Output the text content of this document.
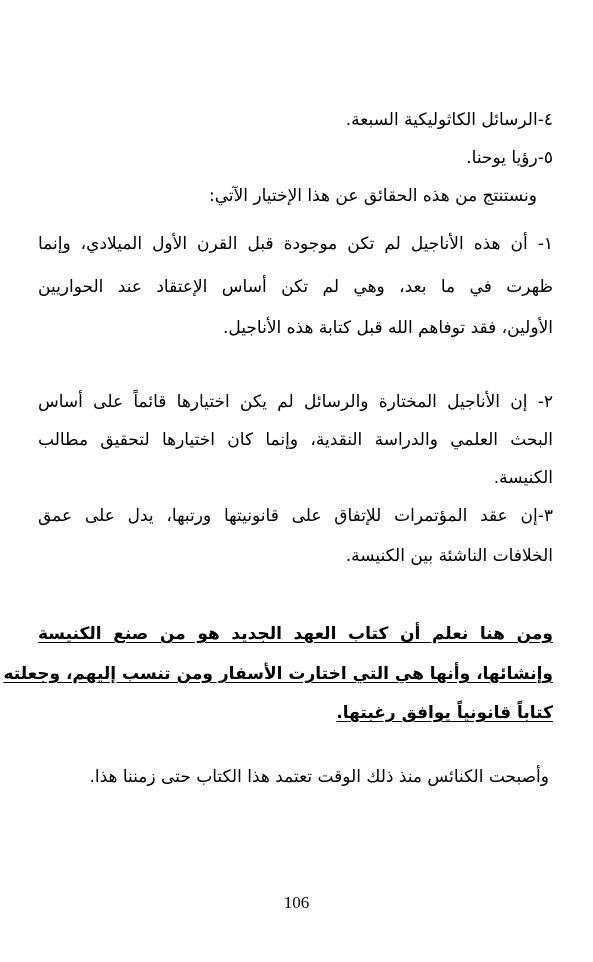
٤-الرسائل الكاثوليكية السبعة.
٥-رؤيا يوحنا.
ونستنتج من هذه الحقائق عن هذا الإختيار الآتي:
١- أن هذه الأناجيل لم تكن موجودة قبل القرن الأول الميلادي، وإنما
ظهرت في ما بعد، وهي لم تكن أساس الإعتقاد عند الحواريين
الأولين، فقد توفاهم الله قبل كتابة هذه الأناجيل.
٢- إن الأناجيل المختارة والرسائل لم يكن اختيارها قائماً على أساس
البحث العلمي والدراسة النقدية، وإنما كان اختيارها لتحقيق مطالب
الكنيسة.
٣-إن عقد المؤتمرات للإتفاق على قانونيتها ورتبها، يدل على عمق
الخلافات الناشئة بين الكنيسة.
ومن هنا نعلم أن كتاب العهد الجديد هو من صنع الكنيسة
وإنشائها، وأنها هي التي اختارت الأسفار ومن تنسب إليهم، وجعلته
كتاباً قانونياً يوافق رغبتها.
وأصبحت الكنائس منذ ذلك الوقت تعتمد هذا الكتاب حتى زمننا هذا.
106
